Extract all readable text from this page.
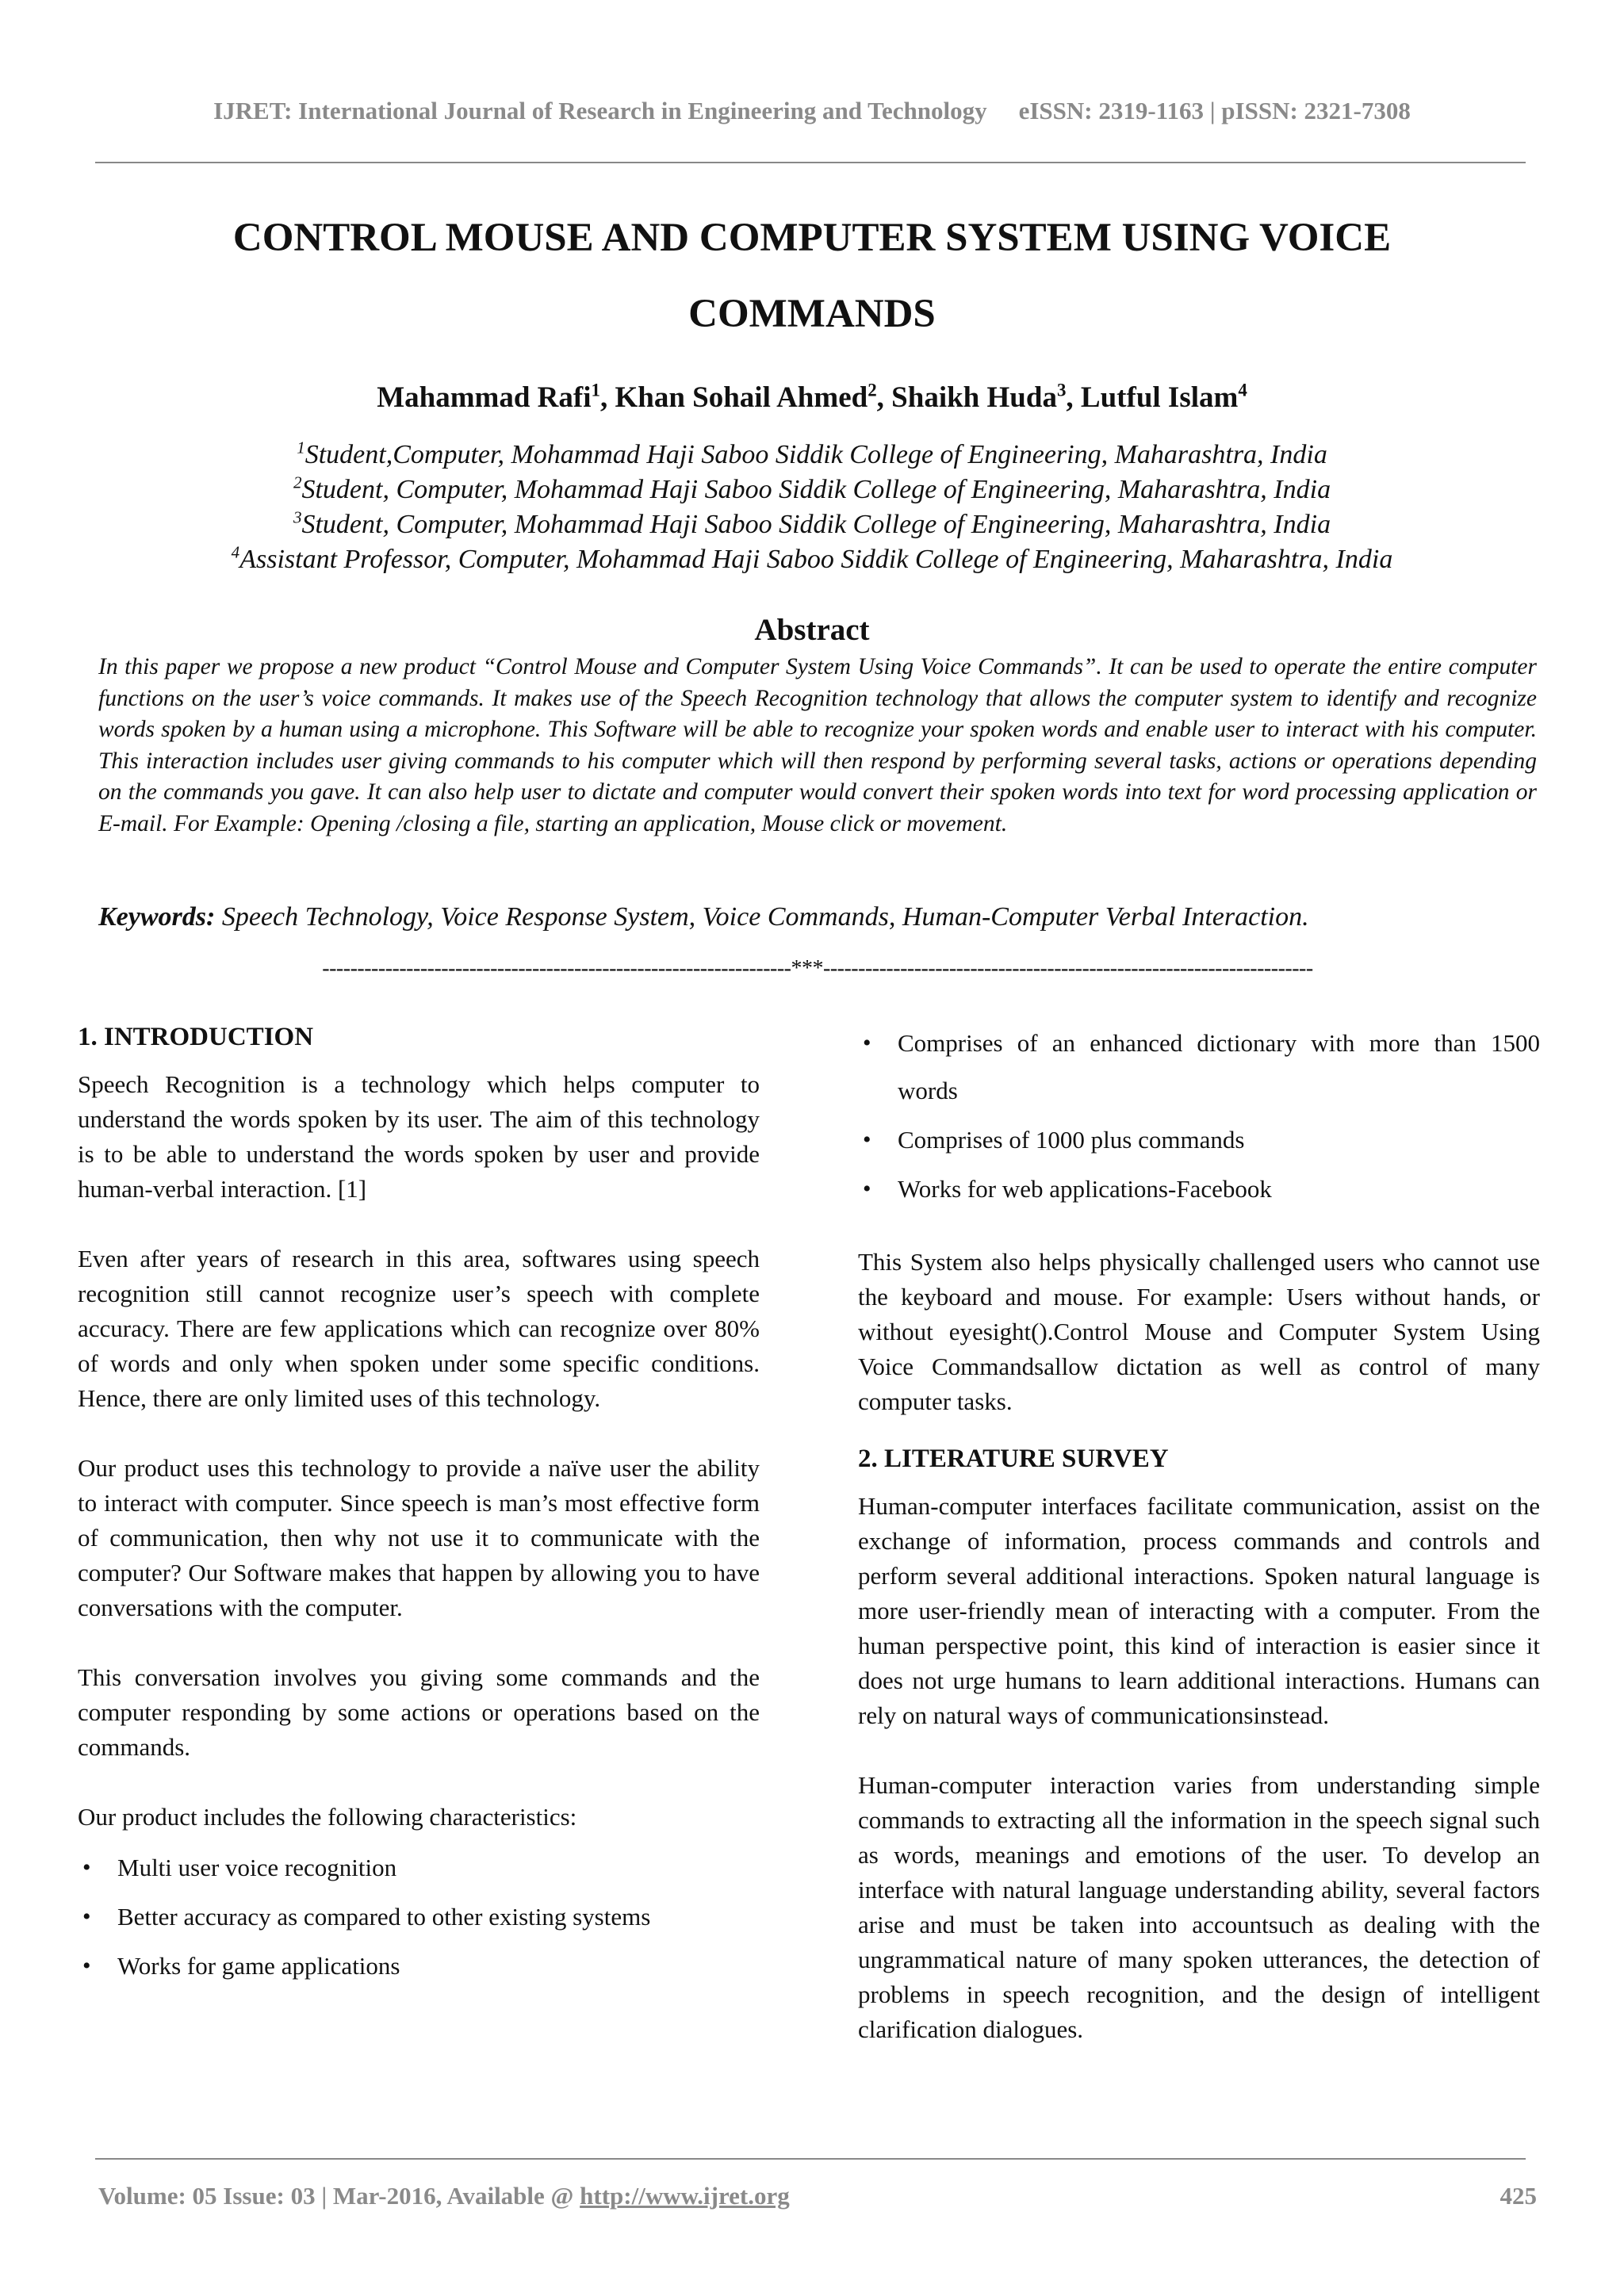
IJRET: International Journal of Research in Engineering and Technology eISSN: 2319-1163 | pISSN: 2321-7308
CONTROL MOUSE AND COMPUTER SYSTEM USING VOICE
COMMANDS
Mahammad Rafi$^1$, Khan Sohail Ahmed$^2$, Shaikh Huda$^3$, Lutful Islam$^4$
$^1$Student,Computer, Mohammad Haji Saboo Siddik College of Engineering, Maharashtra, India
$^2$Student, Computer, Mohammad Haji Saboo Siddik College of Engineering, Maharashtra, India
$^3$Student, Computer, Mohammad Haji Saboo Siddik College of Engineering, Maharashtra, India
$^4$Assistant Professor, Computer, Mohammad Haji Saboo Siddik College of Engineering, Maharashtra, India
Abstract
In this paper we propose a new product “Control Mouse and Computer System Using Voice Commands”. It can be used to operate the entire computer functions on the user’s voice commands. It makes use of the Speech Recognition technology that allows the computer system to identify and recognize words spoken by a human using a microphone. This Software will be able to recognize your spoken words and enable user to interact with his computer. This interaction includes user giving commands to his computer which will then respond by performing several tasks, actions or operations depending on the commands you gave. It can also help user to dictate and computer would convert their spoken words into text for word processing application or E-mail. For Example: Opening /closing a file, starting an application, Mouse click or movement.
Keywords: Speech Technology, Voice Response System, Voice Commands, Human-Computer Verbal Interaction.
-------------------------------------------------------------------***----------------------------------------------------------------------
1. INTRODUCTION

Speech Recognition is a technology which helps computer to understand the words spoken by its user. The aim of this technology is to be able to understand the words spoken by user and provide human-verbal interaction. [1]

Even after years of research in this area, softwares using speech recognition still cannot recognize user’s speech with complete accuracy. There are few applications which can recognize over 80% of words and only when spoken under some specific conditions. Hence, there are only limited uses of this technology.

Our product uses this technology to provide a naïve user the ability to interact with computer. Since speech is man’s most effective form of communication, then why not use it to communicate with the computer? Our Software makes that happen by allowing you to have conversations with the computer.

This conversation involves you giving some commands and the computer responding by some actions or operations based on the commands.

Our product includes the following characteristics:

• Multi user voice recognition
• Better accuracy as compared to other existing systems
• Works for game applications
• Comprises of an enhanced dictionary with more than 1500 words
• Comprises of 1000 plus commands
• Works for web applications-Facebook

This System also helps physically challenged users who cannot use the keyboard and mouse. For example: Users without hands, or without eyesight().Control Mouse and Computer System Using Voice Commandsallow dictation as well as control of many computer tasks.

2. LITERATURE SURVEY

Human-computer interfaces facilitate communication, assist on the exchange of information, process commands and controls and perform several additional interactions. Spoken natural language is more user-friendly mean of interacting with a computer. From the human perspective point, this kind of interaction is easier since it does not urge humans to learn additional interactions. Humans can rely on natural ways of communicationsinstead.

Human-computer interaction varies from understanding simple commands to extracting all the information in the speech signal such as words, meanings and emotions of the user. To develop an interface with natural language understanding ability, several factors arise and must be taken into accountsuch as dealing with the ungrammatical nature of many spoken utterances, the detection of problems in speech recognition, and the design of intelligent clarification dialogues.

Volume: 05 Issue: 03 | Mar-2016, Available @ http://www.ijret.org	425
